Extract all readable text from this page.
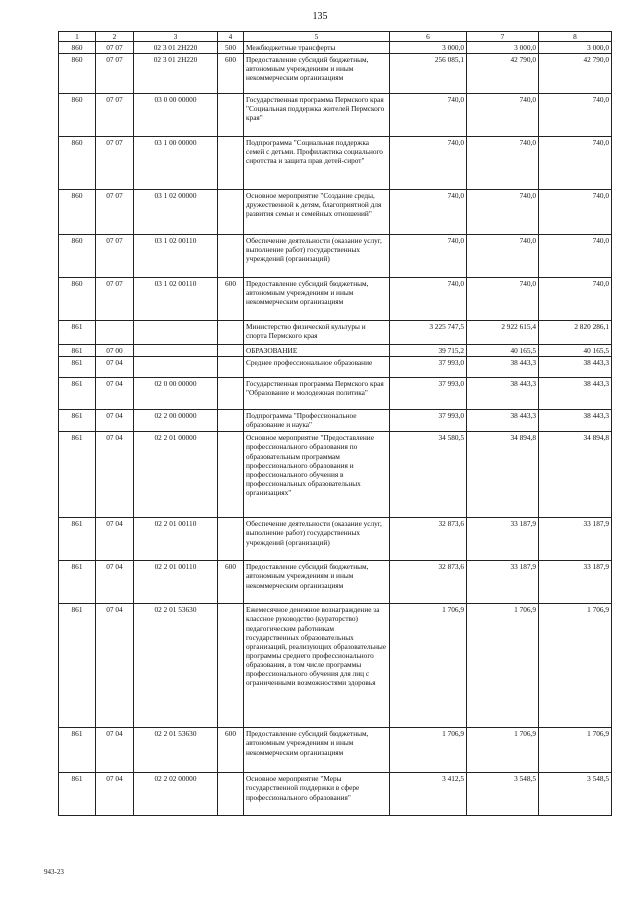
135
1	2	3	4	5	6	7	8
860	07 07	02 3 01 2Н220	500	Межбюджетные трансферты	3 000,0	3 000,0	3 000,0
860	07 07	02 3 01 2Н220	600	Предоставление субсидий бюджетным, автономным учреждениям и иным некоммерческим организациям	256 085,1	42 790,0	42 790,0
860	07 07	03 0 00 00000		Государственная программа Пермского края "Социальная поддержка жителей Пермского края"	740,0	740,0	740,0
860	07 07	03 1 00 00000		Подпрограмма "Социальная поддержка семей с детьми. Профилактика социального сиротства и защита прав детей-сирот"	740,0	740,0	740,0
860	07 07	03 1 02 00000		Основное мероприятие "Создание среды, дружественной к детям, благоприятной для развития семьи и семейных отношений"	740,0	740,0	740,0
860	07 07	03 1 02 00110		Обеспечение деятельности (оказание услуг, выполнение работ) государственных учреждений (организаций)	740,0	740,0	740,0
860	07 07	03 1 02 00110	600	Предоставление субсидий бюджетным, автономным учреждениям и иным некоммерческим организациям	740,0	740,0	740,0
861				Министерство физической культуры и спорта Пермского края	3 225 747,5	2 922 615,4	2 820 286,1
861	07 00			ОБРАЗОВАНИЕ	39 715,2	40 165,5	40 165,5
861	07 04			Среднее профессиональное образование	37 993,0	38 443,3	38 443,3
861	07 04	02 0 00 00000		Государственная программа Пермского края "Образование и молодежная политика"	37 993,0	38 443,3	38 443,3
861	07 04	02 2 00 00000		Подпрограмма "Профессиональное образование и наука"	37 993,0	38 443,3	38 443,3
861	07 04	02 2 01 00000		Основное мероприятие "Предоставление профессионального образования по образовательным программам профессионального образования и профессионального обучения в профессиональных образовательных организациях"	34 580,5	34 894,8	34 894,8
861	07 04	02 2 01 00110		Обеспечение деятельности (оказание услуг, выполнение работ) государственных учреждений (организаций)	32 873,6	33 187,9	33 187,9
861	07 04	02 2 01 00110	600	Предоставление субсидий бюджетным, автономным учреждениям и иным некоммерческим организациям	32 873,6	33 187,9	33 187,9
861	07 04	02 2 01 53630		Ежемесячное денежное вознаграждение за классное руководство (кураторство) педагогическим работникам государственных образовательных организаций, реализующих образовательные программы среднего профессионального образования, в том числе программы профессионального обучения для лиц с ограниченными возможностями здоровья	1 706,9	1 706,9	1 706,9
861	07 04	02 2 01 53630	600	Предоставление субсидий бюджетным, автономным учреждениям и иным некоммерческим организациям	1 706,9	1 706,9	1 706,9
861	07 04	02 2 02 00000		Основное мероприятие "Меры государственной поддержки в сфере профессионального образования"	3 412,5	3 548,5	3 548,5
943-23
